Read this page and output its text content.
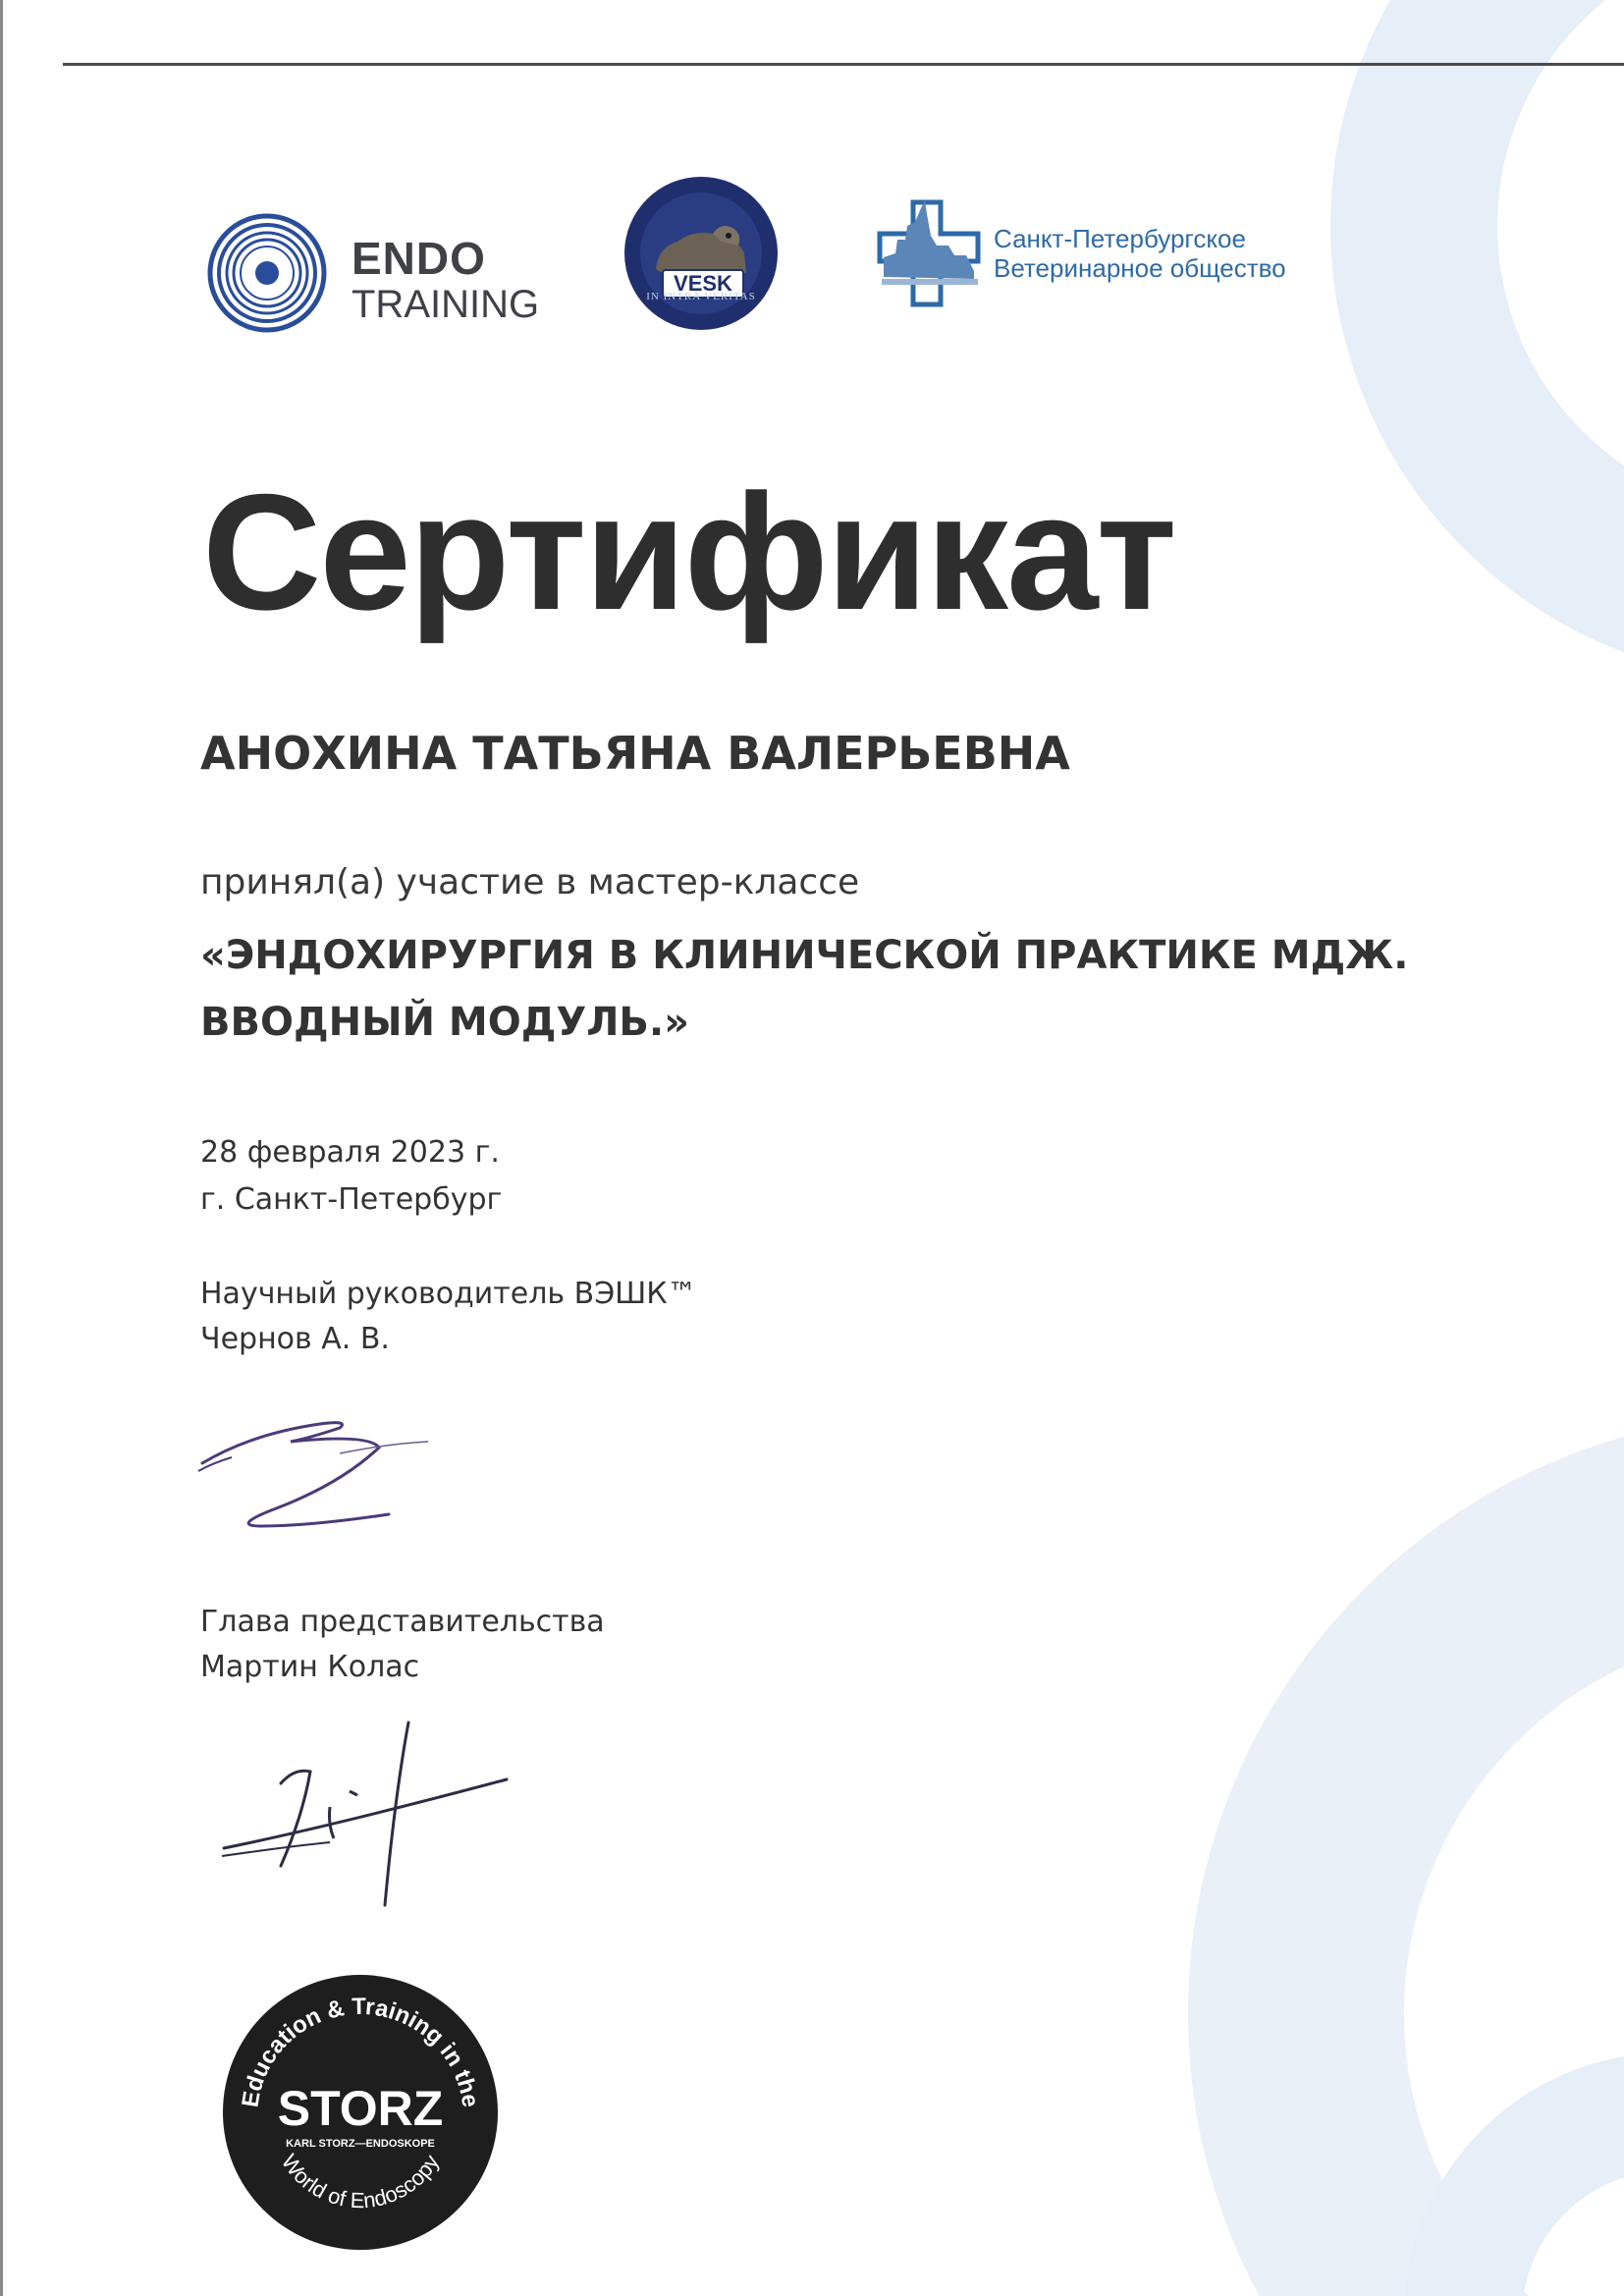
ENDO
TRAINING	VESK
IN INTRA VERITAS
Санкт-Петербургское
Ветеринарное общество
Сертификат
АНОХИНА ТАТЬЯНА ВАЛЕРЬЕВНА
принял(а) участие в мастер-классе
«ЭНДОХИРУРГИЯ В КЛИНИЧЕСКОЙ ПРАКТИКЕ МДЖ.
ВВОДНЫЙ МОДУЛЬ.»
28 февраля 2023 г.
г. Санкт-Петербург
Научный руководитель ВЭШК™
Чернов А. В.
Глава представительства
Мартин Колас
Education & Training in the
STORZ
KARL STORZ—ENDOSKOPE
World of Endoscopy
